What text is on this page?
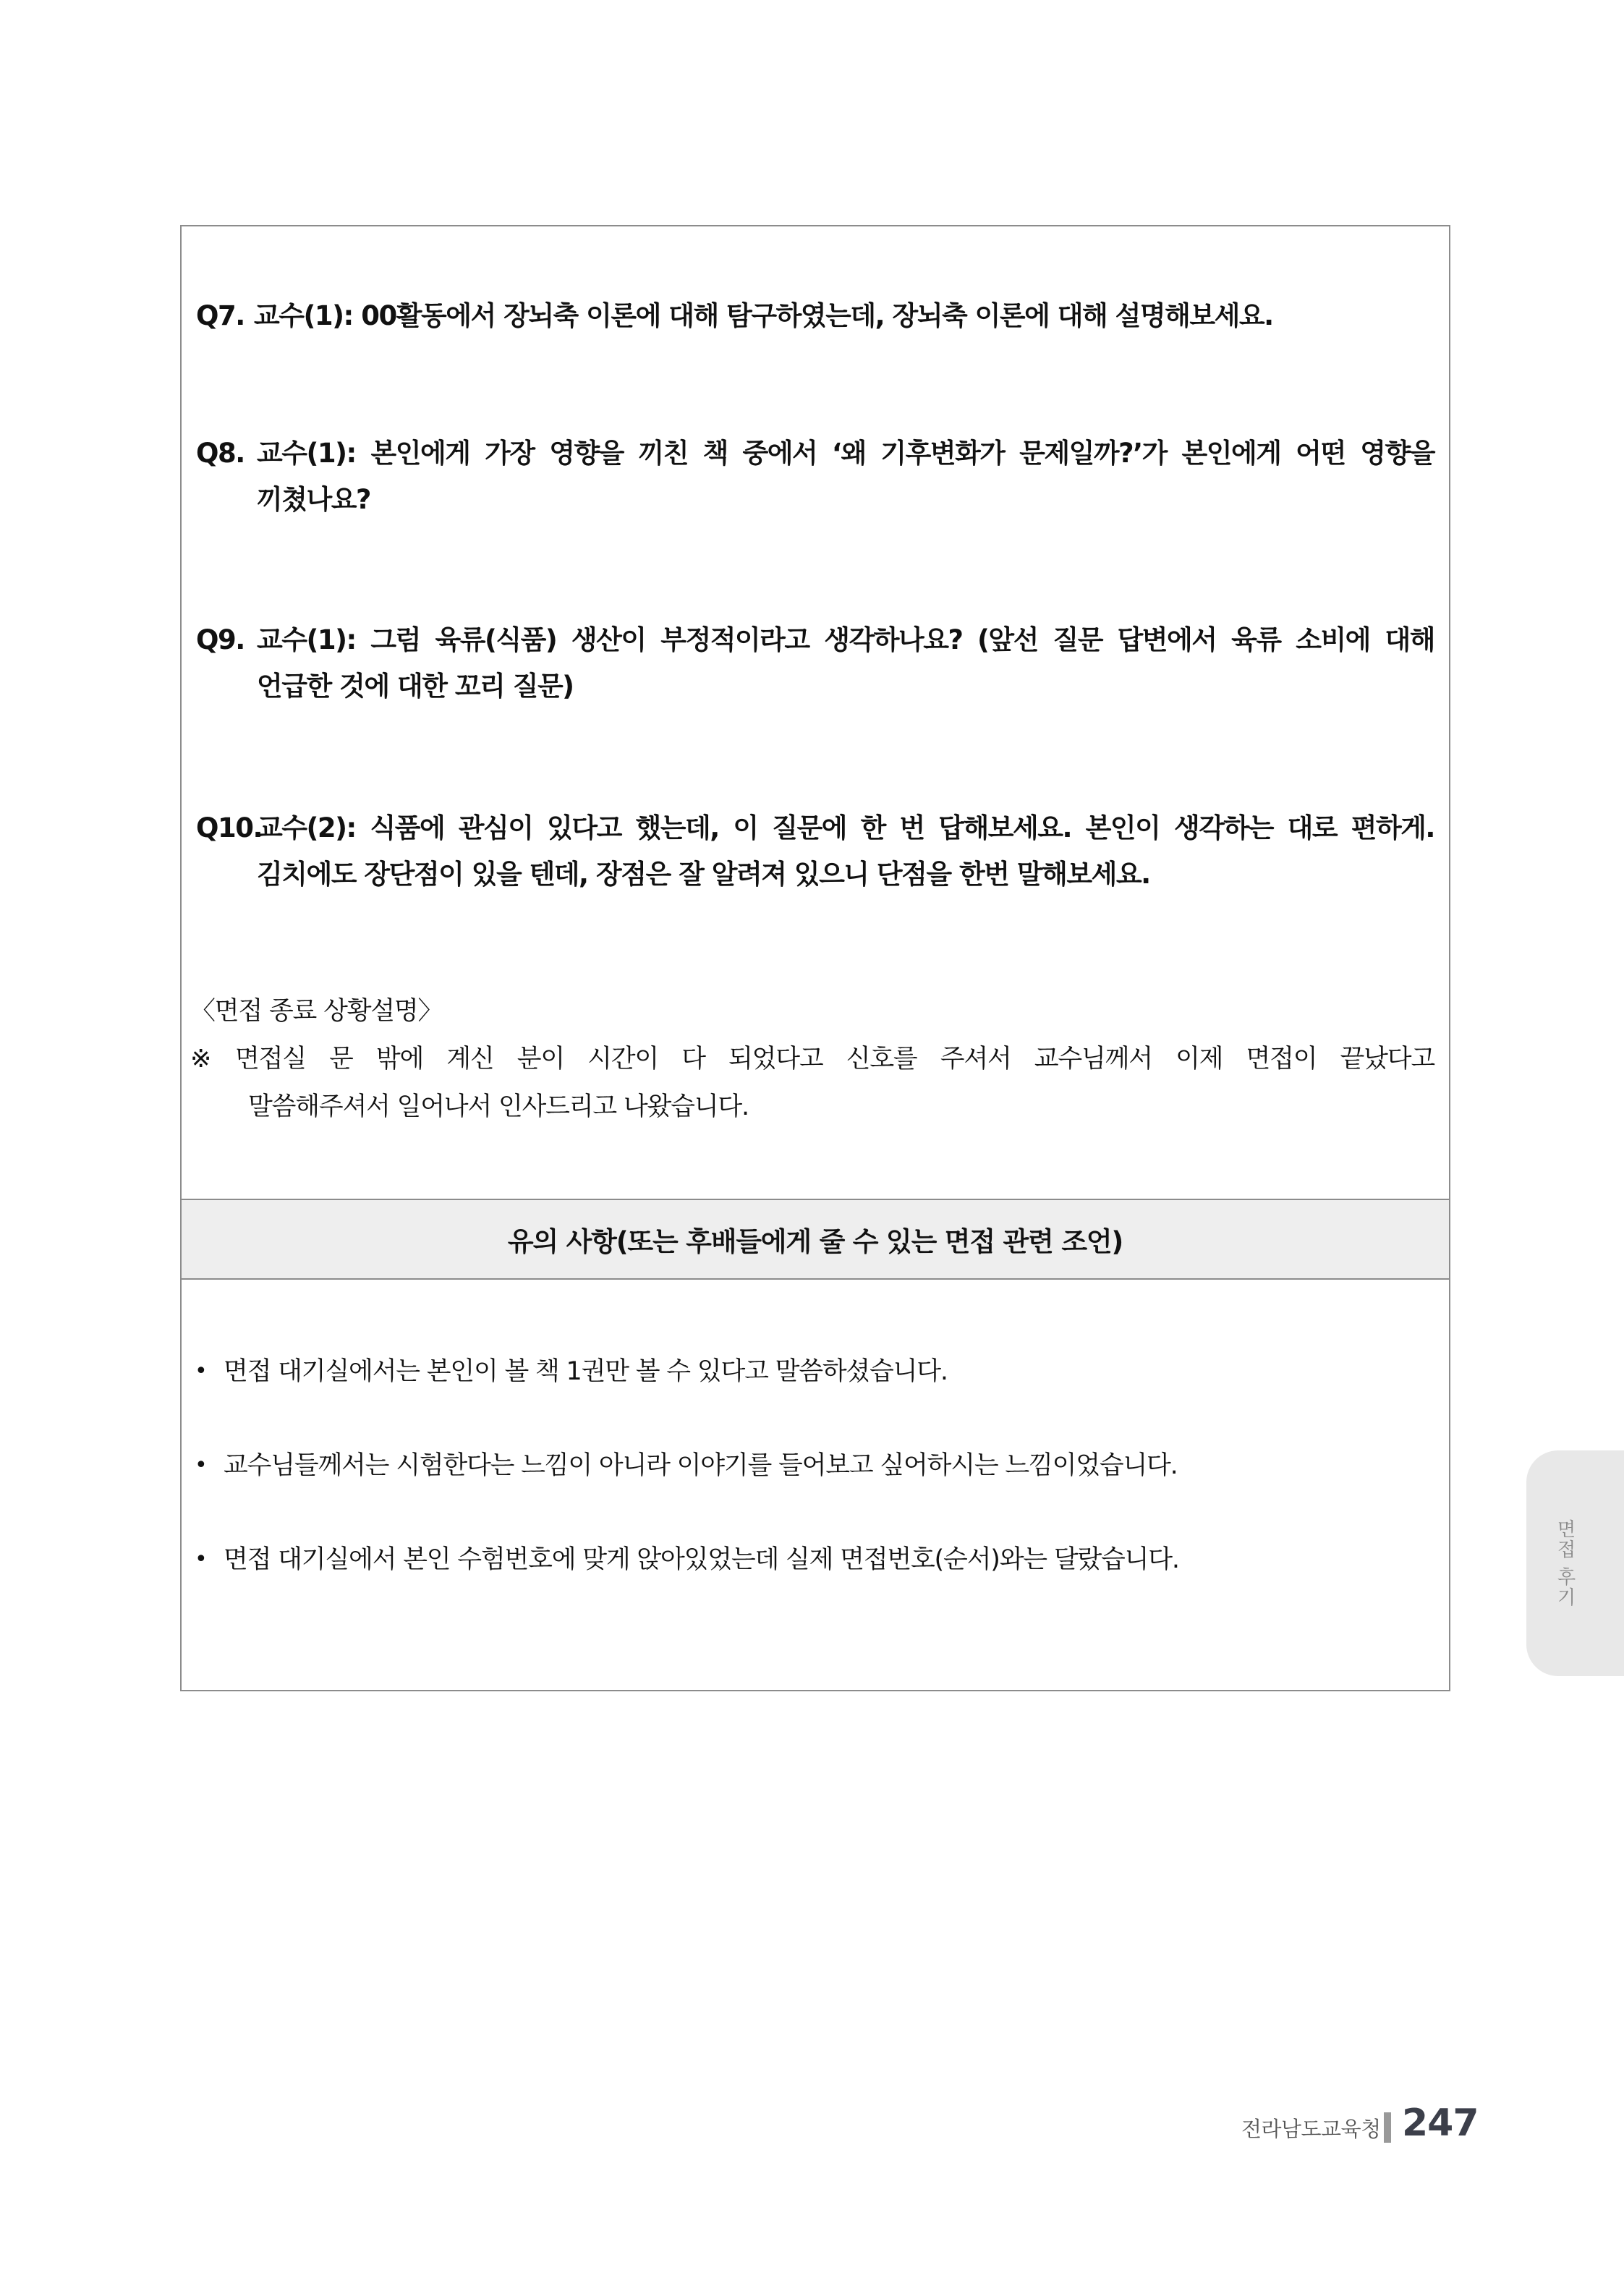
Q7. 교수(1): 00활동에서 장뇌축 이론에 대해 탐구하였는데, 장뇌축 이론에 대해 설명해보세요.
Q8. 교수(1): 본인에게 가장 영향을 끼친 책 중에서 ‘왜 기후변화가 문제일까?’가 본인에게 어떤 영향을
끼쳤나요?
Q9. 교수(1): 그럼 육류(식품) 생산이 부정적이라고 생각하나요? (앞선 질문 답변에서 육류 소비에 대해
언급한 것에 대한 꼬리 질문)
Q10.
교수(2): 식품에 관심이 있다고 했는데, 이 질문에 한 번 답해보세요. 본인이 생각하는 대로 편하게.
김치에도 장단점이 있을 텐데, 장점은 잘 알려져 있으니 단점을 한번 말해보세요.
〈면접 종료 상황설명〉
※ 면접실 문 밖에 계신 분이 시간이 다 되었다고 신호를 주셔서 교수님께서 이제 면접이 끝났다고
말씀해주셔서 일어나서 인사드리고 나왔습니다.
유의 사항(또는 후배들에게 줄 수 있는 면접 관련 조언)
• 면접 대기실에서는 본인이 볼 책 1권만 볼 수 있다고 말씀하셨습니다.
• 교수님들께서는 시험한다는 느낌이 아니라 이야기를 들어보고 싶어하시는 느낌이었습니다.
• 면접 대기실에서 본인 수험번호에 맞게 앉아있었는데 실제 면접번호(순서)와는 달랐습니다.	면접 후기
전라남도교육청 247
